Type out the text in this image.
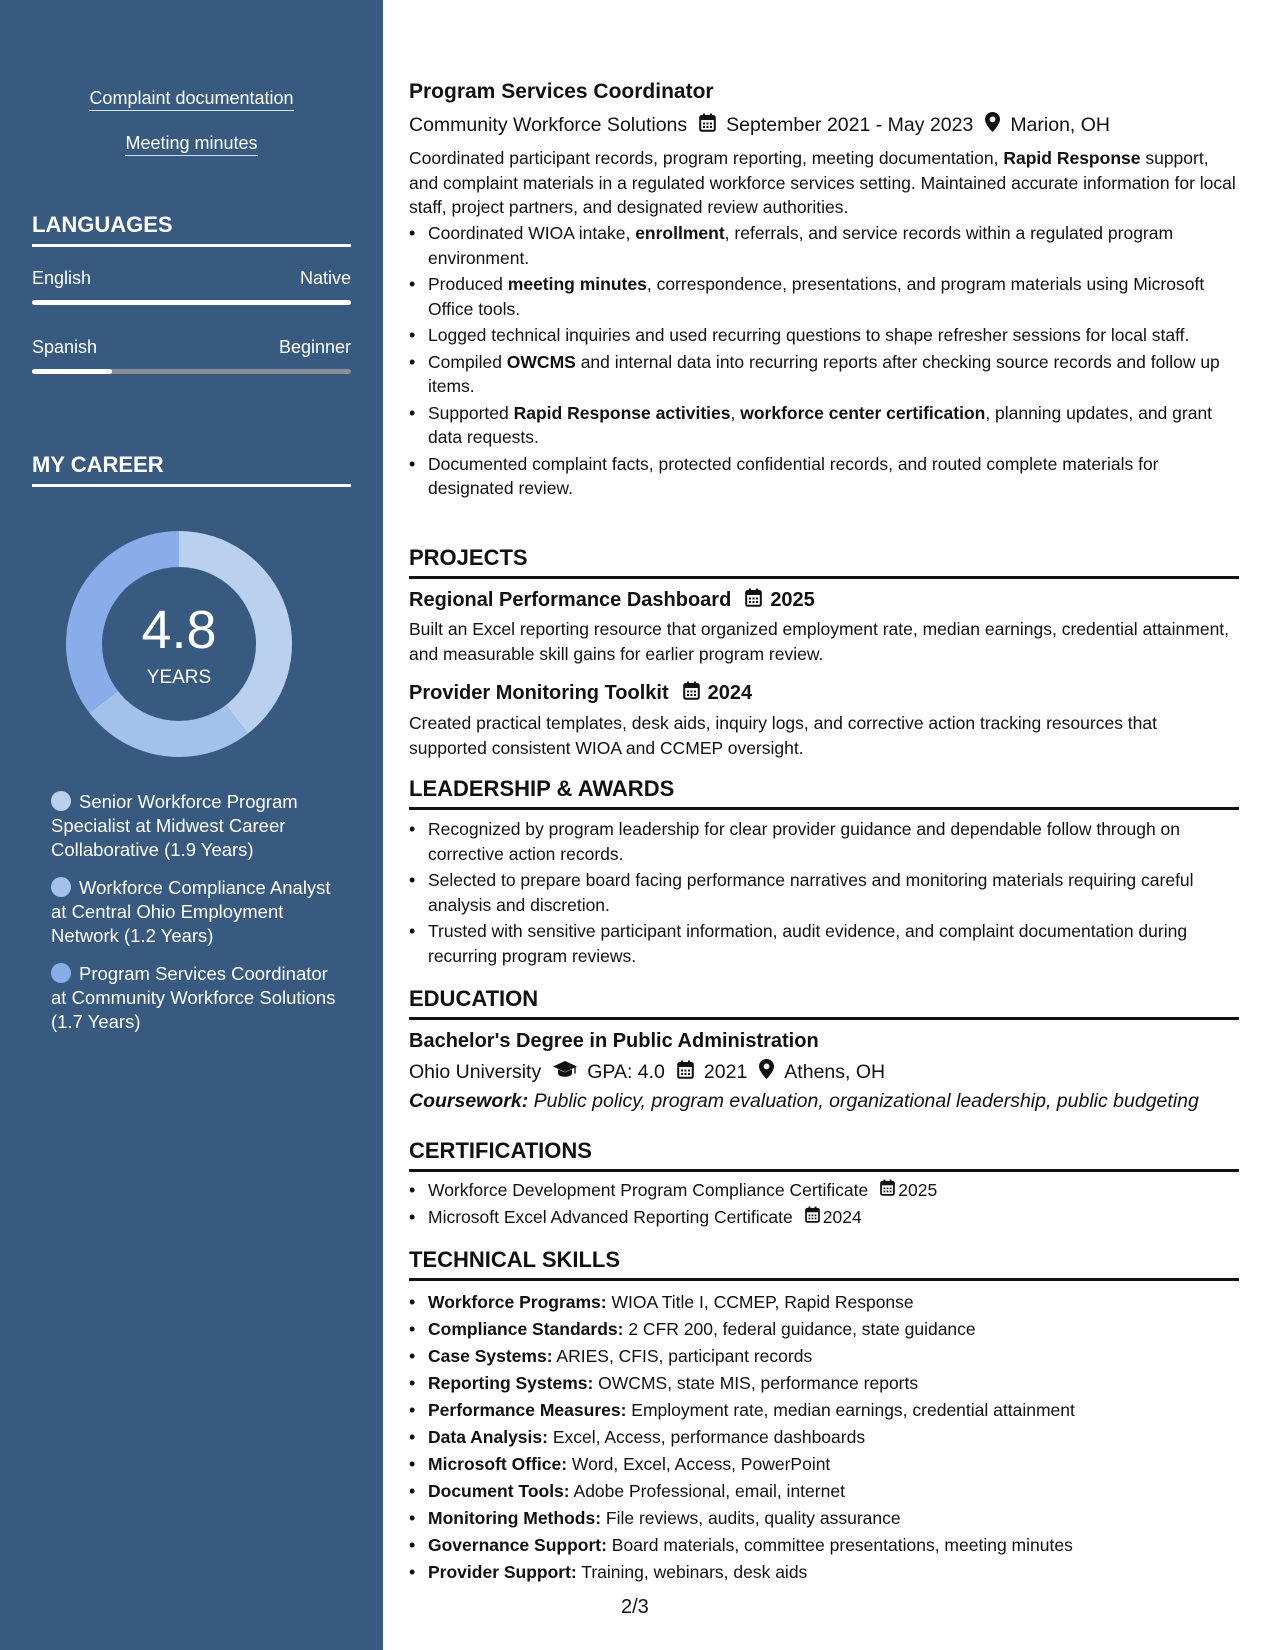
Complaint documentation
Meeting minutes
LANGUAGES
English	Native
Spanish	Beginner
MY CAREER
4.8
YEARS
Senior Workforce Program Specialist at Midwest Career Collaborative (1.9 Years)
Workforce Compliance Analyst at Central Ohio Employment Network (1.2 Years)
Program Services Coordinator at Community Workforce Solutions (1.7 Years)
Program Services Coordinator
Community Workforce Solutions September 2021 - May 2023 Marion, OH
Coordinated participant records, program reporting, meeting documentation, Rapid Response support, and complaint materials in a regulated workforce services setting. Maintained accurate information for local staff, project partners, and designated review authorities.
• Coordinated WIOA intake, enrollment, referrals, and service records within a regulated program environment.
• Produced meeting minutes, correspondence, presentations, and program materials using Microsoft Office tools.
• Logged technical inquiries and used recurring questions to shape refresher sessions for local staff.
• Compiled OWCMS and internal data into recurring reports after checking source records and follow up items.
• Supported Rapid Response activities, workforce center certification, planning updates, and grant data requests.
• Documented complaint facts, protected confidential records, and routed complete materials for designated review.
PROJECTS
Regional Performance Dashboard 2025
Built an Excel reporting resource that organized employment rate, median earnings, credential attainment, and measurable skill gains for earlier program review.
Provider Monitoring Toolkit 2024
Created practical templates, desk aids, inquiry logs, and corrective action tracking resources that supported consistent WIOA and CCMEP oversight.
LEADERSHIP & AWARDS
• Recognized by program leadership for clear provider guidance and dependable follow through on corrective action records.
• Selected to prepare board facing performance narratives and monitoring materials requiring careful analysis and discretion.
• Trusted with sensitive participant information, audit evidence, and complaint documentation during recurring program reviews.
EDUCATION
Bachelor's Degree in Public Administration
Ohio University GPA: 4.0 2021 Athens, OH
Coursework: Public policy, program evaluation, organizational leadership, public budgeting
CERTIFICATIONS
• Workforce Development Program Compliance Certificate 2025
• Microsoft Excel Advanced Reporting Certificate 2024
TECHNICAL SKILLS
• Workforce Programs: WIOA Title I, CCMEP, Rapid Response
• Compliance Standards: 2 CFR 200, federal guidance, state guidance
• Case Systems: ARIES, CFIS, participant records
• Reporting Systems: OWCMS, state MIS, performance reports
• Performance Measures: Employment rate, median earnings, credential attainment
• Data Analysis: Excel, Access, performance dashboards
• Microsoft Office: Word, Excel, Access, PowerPoint
• Document Tools: Adobe Professional, email, internet
• Monitoring Methods: File reviews, audits, quality assurance
• Governance Support: Board materials, committee presentations, meeting minutes
• Provider Support: Training, webinars, desk aids
2/3
